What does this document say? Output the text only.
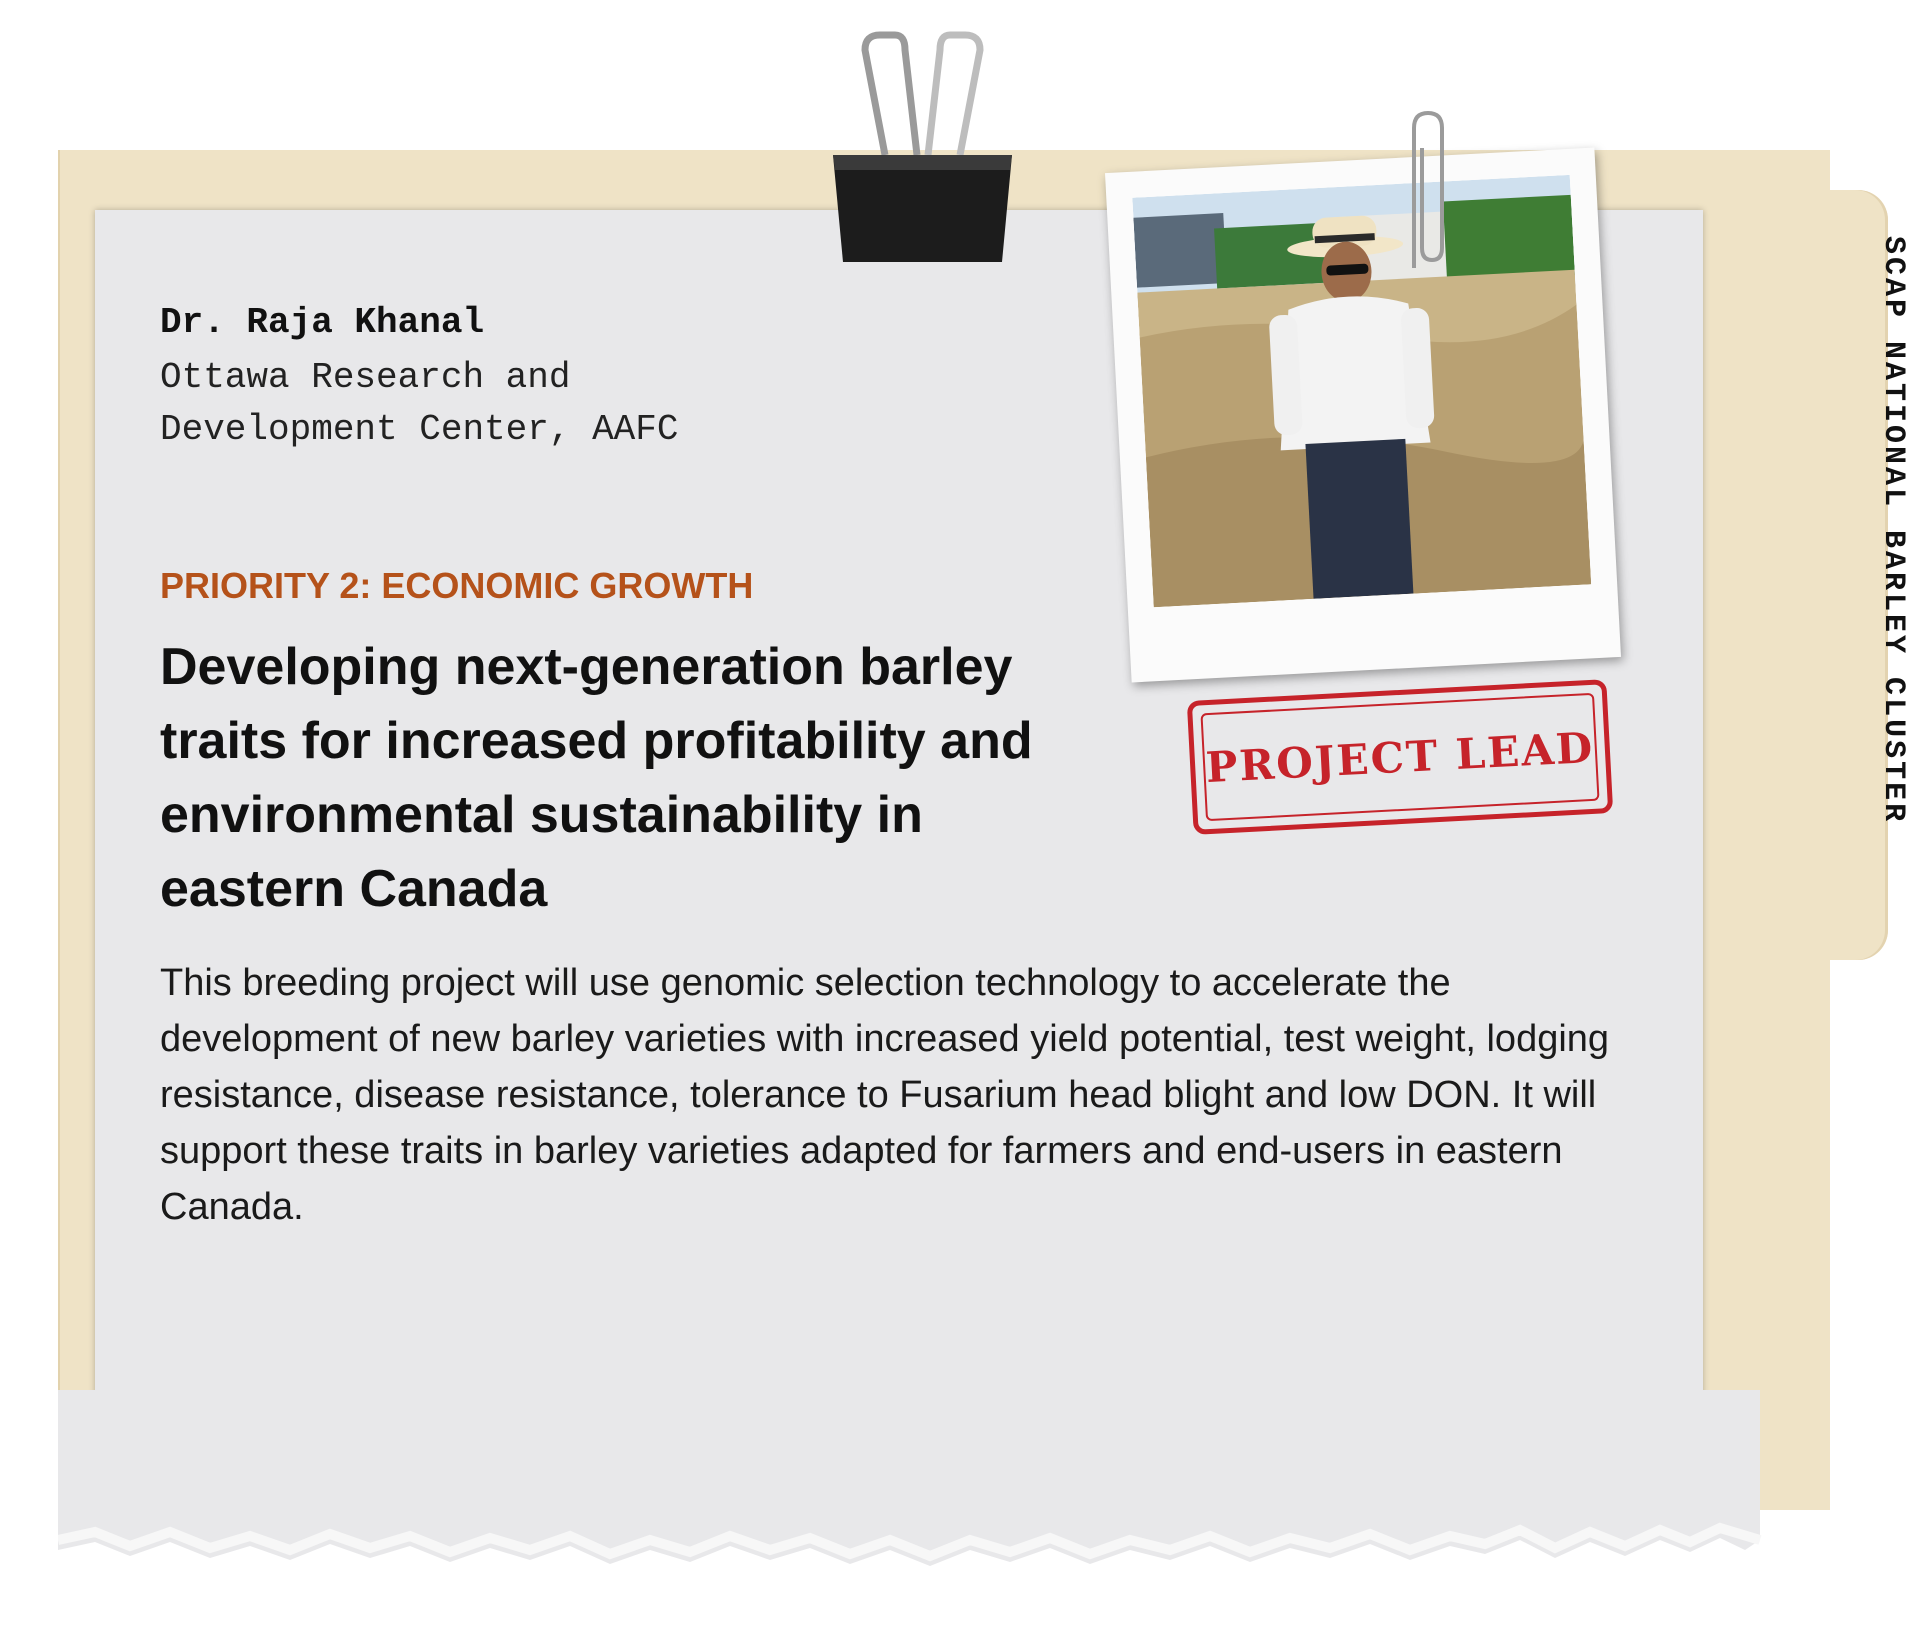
SCAP NATIONAL BARLEY CLUSTER
PROJECT LEAD
Dr. Raja Khanal
Ottawa Research and
Development Center, AAFC
PRIORITY 2: ECONOMIC GROWTH
Developing next-generation barley traits for increased profitability and environmental sustainability in eastern Canada
This breeding project will use genomic selection technology to accelerate the development of new barley varieties with increased yield potential, test weight, lodging resistance, disease resistance, tolerance to Fusarium head blight and low DON. It will support these traits in barley varieties adapted for farmers and end-users in eastern Canada.
